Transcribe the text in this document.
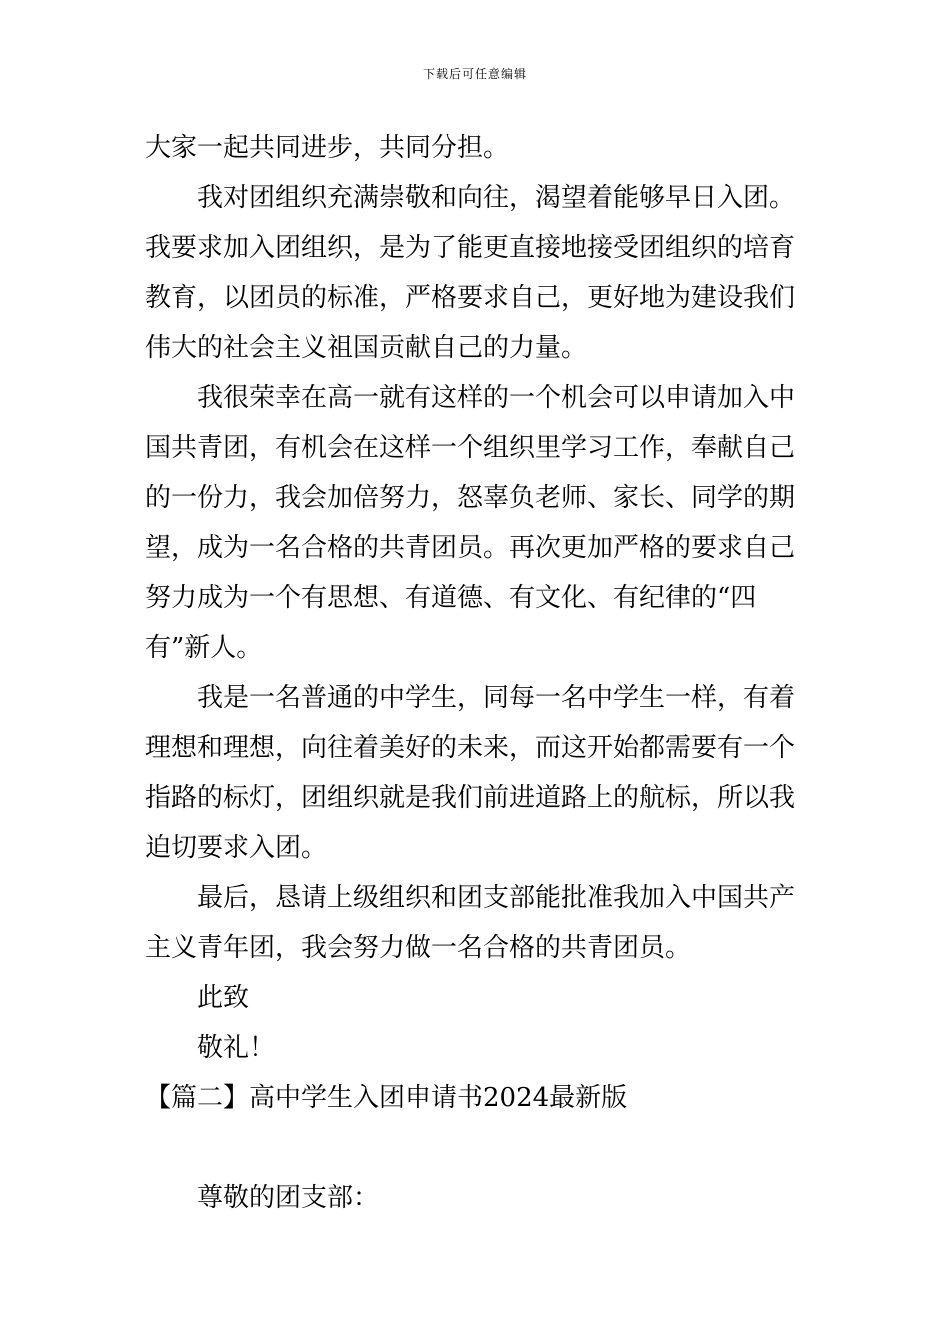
下载后可任意编辑
大家一起共同进步，共同分担。
我对团组织充满崇敬和向往，渴望着能够早日入团。
我要求加入团组织，是为了能更直接地接受团组织的培育
教育，以团员的标准，严格要求自己，更好地为建设我们
伟大的社会主义祖国贡献自己的力量。
我很荣幸在高一就有这样的一个机会可以申请加入中
国共青团，有机会在这样一个组织里学习工作，奉献自己
的一份力，我会加倍努力，怒辜负老师、家长、同学的期
望，成为一名合格的共青团员。再次更加严格的要求自己
努力成为一个有思想、有道德、有文化、有纪律的“四
有”新人。
我是一名普通的中学生，同每一名中学生一样，有着
理想和理想，向往着美好的未来，而这开始都需要有一个
指路的标灯，团组织就是我们前进道路上的航标，所以我
迫切要求入团。
最后，恳请上级组织和团支部能批准我加入中国共产
主义青年团，我会努力做一名合格的共青团员。
此致
敬礼！
【篇二】高中学生入团申请书2024最新版
尊敬的团支部：
